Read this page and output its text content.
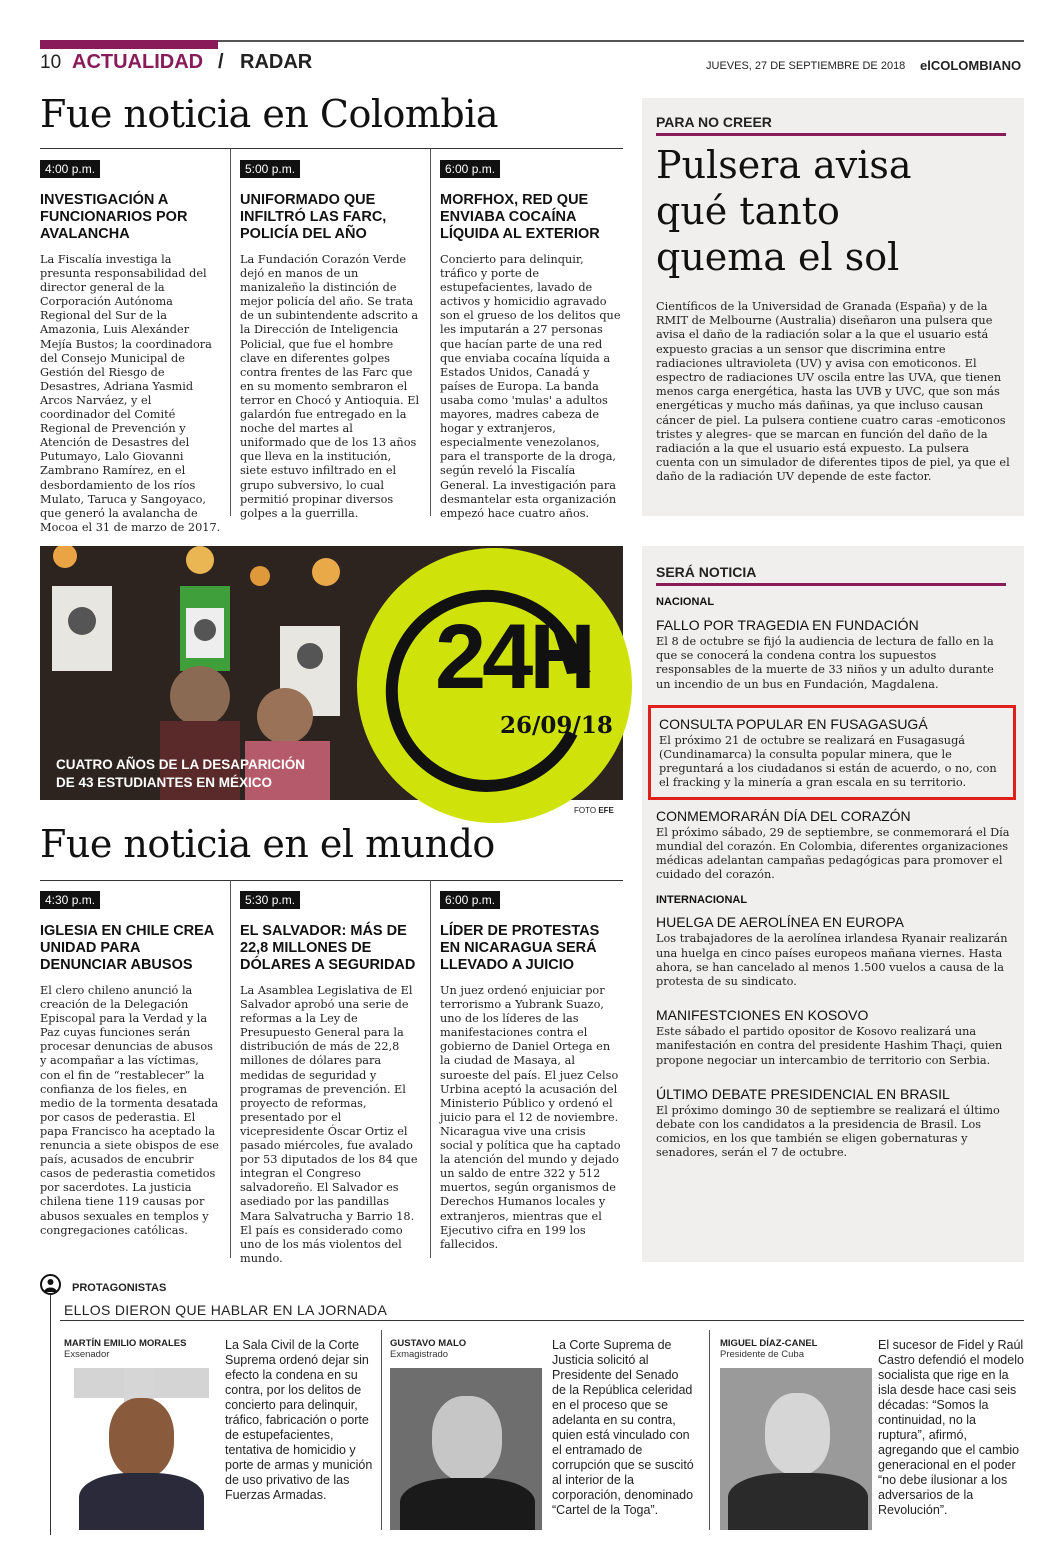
10 ACTUALIDAD / RADAR	JUEVES, 27 DE SEPTIEMBRE DE 2018 elCOLOMBIANO
Fue noticia en Colombia
4:00 p.m.
INVESTIGACIÓN A FUNCIONARIOS POR AVALANCHA
La Fiscalía investiga la presunta responsabilidad del director general de la Corporación Autónoma Regional del Sur de la Amazonia, Luis Alexánder Mejía Bustos; la coordinadora del Consejo Municipal de Gestión del Riesgo de Desastres, Adriana Yasmid Arcos Narváez, y el coordinador del Comité Regional de Prevención y Atención de Desastres del Putumayo, Lalo Giovanni Zambrano Ramírez, en el desbordamiento de los ríos Mulato, Taruca y Sangoyaco, que generó la avalancha de Mocoa el 31 de marzo de 2017.
5:00 p.m.
UNIFORMADO QUE INFILTRÓ LAS FARC, POLICÍA DEL AÑO
La Fundación Corazón Verde dejó en manos de un manizaleño la distinción de mejor policía del año. Se trata de un subintendente adscrito a la Dirección de Inteligencia Policial, que fue el hombre clave en diferentes golpes contra frentes de las Farc que en su momento sembraron el terror en Chocó y Antioquia. El galardón fue entregado en la noche del martes al uniformado que de los 13 años que lleva en la institución, siete estuvo infiltrado en el grupo subversivo, lo cual permitió propinar diversos golpes a la guerrilla.
6:00 p.m.
MORFHOX, RED QUE ENVIABA COCAÍNA LÍQUIDA AL EXTERIOR
Concierto para delinquir, tráfico y porte de estupefacientes, lavado de activos y homicidio agravado son el grueso de los delitos que les imputarán a 27 personas que hacían parte de una red que enviaba cocaína líquida a Estados Unidos, Canadá y países de Europa. La banda usaba como 'mulas' a adultos mayores, madres cabeza de hogar y extranjeros, especialmente venezolanos, para el transporte de la droga, según reveló la Fiscalía General. La investigación para desmantelar esta organización empezó hace cuatro años.
PARA NO CREER
Pulsera avisa qué tanto quema el sol
Científicos de la Universidad de Granada (España) y de la RMIT de Melbourne (Australia) diseñaron una pulsera que avisa el daño de la radiación solar a la que el usuario está expuesto gracias a un sensor que discrimina entre radiaciones ultravioleta (UV) y avisa con emoticonos. El espectro de radiaciones UV oscila entre las UVA, que tienen menos carga energética, hasta las UVB y UVC, que son más energéticas y mucho más dañinas, ya que incluso causan cáncer de piel. La pulsera contiene cuatro caras -emoticonos tristes y alegres- que se marcan en función del daño de la radiación a la que el usuario está expuesto. La pulsera cuenta con un simulador de diferentes tipos de piel, ya que el daño de la radiación UV depende de este factor.
24H
26/09/18
CUATRO AÑOS DE LA DESAPARICIÓN
DE 43 ESTUDIANTES EN MÉXICO
FOTO EFE
SERÁ NOTICIA
NACIONAL
FALLO POR TRAGEDIA EN FUNDACIÓN
El 8 de octubre se fijó la audiencia de lectura de fallo en la que se conocerá la condena contra los supuestos responsables de la muerte de 33 niños y un adulto durante un incendio de un bus en Fundación, Magdalena.
CONSULTA POPULAR EN FUSAGASUGÁ
El próximo 21 de octubre se realizará en Fusagasugá (Cundinamarca) la consulta popular minera, que le preguntará a los ciudadanos si están de acuerdo, o no, con el fracking y la minería a gran escala en su territorio.
CONMEMORARÁN DÍA DEL CORAZÓN
El próximo sábado, 29 de septiembre, se conmemorará el Día mundial del corazón. En Colombia, diferentes organizaciones médicas adelantan campañas pedagógicas para promover el cuidado del corazón.
INTERNACIONAL
HUELGA DE AEROLÍNEA EN EUROPA
Los trabajadores de la aerolínea irlandesa Ryanair realizarán una huelga en cinco países europeos mañana viernes. Hasta ahora, se han cancelado al menos 1.500 vuelos a causa de la protesta de su sindicato.
MANIFESTCIONES EN KOSOVO
Este sábado el partido opositor de Kosovo realizará una manifestación en contra del presidente Hashim Thaçi, quien propone negociar un intercambio de territorio con Serbia.
ÚLTIMO DEBATE PRESIDENCIAL EN BRASIL
El próximo domingo 30 de septiembre se realizará el último debate con los candidatos a la presidencia de Brasil. Los comicios, en los que también se eligen gobernaturas y senadores, serán el 7 de octubre.
Fue noticia en el mundo
4:30 p.m.
IGLESIA EN CHILE CREA UNIDAD PARA DENUNCIAR ABUSOS
El clero chileno anunció la creación de la Delegación Episcopal para la Verdad y la Paz cuyas funciones serán procesar denuncias de abusos y acompañar a las víctimas, con el fin de “restablecer” la confianza de los fieles, en medio de la tormenta desatada por casos de pederastia. El papa Francisco ha aceptado la renuncia a siete obispos de ese país, acusados de encubrir casos de pederastia cometidos por sacerdotes. La justicia chilena tiene 119 causas por abusos sexuales en templos y congregaciones católicas.
5:30 p.m.
EL SALVADOR: MÁS DE 22,8 MILLONES DE DÓLARES A SEGURIDAD
La Asamblea Legislativa de El Salvador aprobó una serie de reformas a la Ley de Presupuesto General para la distribución de más de 22,8 millones de dólares para medidas de seguridad y programas de prevención. El proyecto de reformas, presentado por el vicepresidente Óscar Ortiz el pasado miércoles, fue avalado por 53 diputados de los 84 que integran el Congreso salvadoreño. El Salvador es asediado por las pandillas Mara Salvatrucha y Barrio 18. El país es considerado como uno de los más violentos del mundo.
6:00 p.m.
LÍDER DE PROTESTAS EN NICARAGUA SERÁ LLEVADO A JUICIO
Un juez ordenó enjuiciar por terrorismo a Yubrank Suazo, uno de los líderes de las manifestaciones contra el gobierno de Daniel Ortega en la ciudad de Masaya, al suroeste del país. El juez Celso Urbina aceptó la acusación del Ministerio Público y ordenó el juicio para el 12 de noviembre. Nicaragua vive una crisis social y política que ha captado la atención del mundo y dejado un saldo de entre 322 y 512 muertos, según organismos de Derechos Humanos locales y extranjeros, mientras que el Ejecutivo cifra en 199 los fallecidos.
PROTAGONISTAS
ELLOS DIERON QUE HABLAR EN LA JORNADA
MARTÍN EMILIO MORALES
Exsenador
La Sala Civil de la Corte Suprema ordenó dejar sin efecto la condena en su contra, por los delitos de concierto para delinquir, tráfico, fabricación o porte de estupefacientes, tentativa de homicidio y porte de armas y munición de uso privativo de las Fuerzas Armadas.
GUSTAVO MALO
Exmagistrado
La Corte Suprema de Justicia solicitó al Presidente del Senado de la República celeridad en el proceso que se adelanta en su contra, quien está vinculado con el entramado de corrupción que se suscitó al interior de la corporación, denominado “Cartel de la Toga”.
MIGUEL DÍAZ-CANEL
Presidente de Cuba
El sucesor de Fidel y Raúl Castro defendió el modelo socialista que rige en la isla desde hace casi seis décadas: “Somos la continuidad, no la ruptura”, afirmó, agregando que el cambio generacional en el poder “no debe ilusionar a los adversarios de la Revolución”.
